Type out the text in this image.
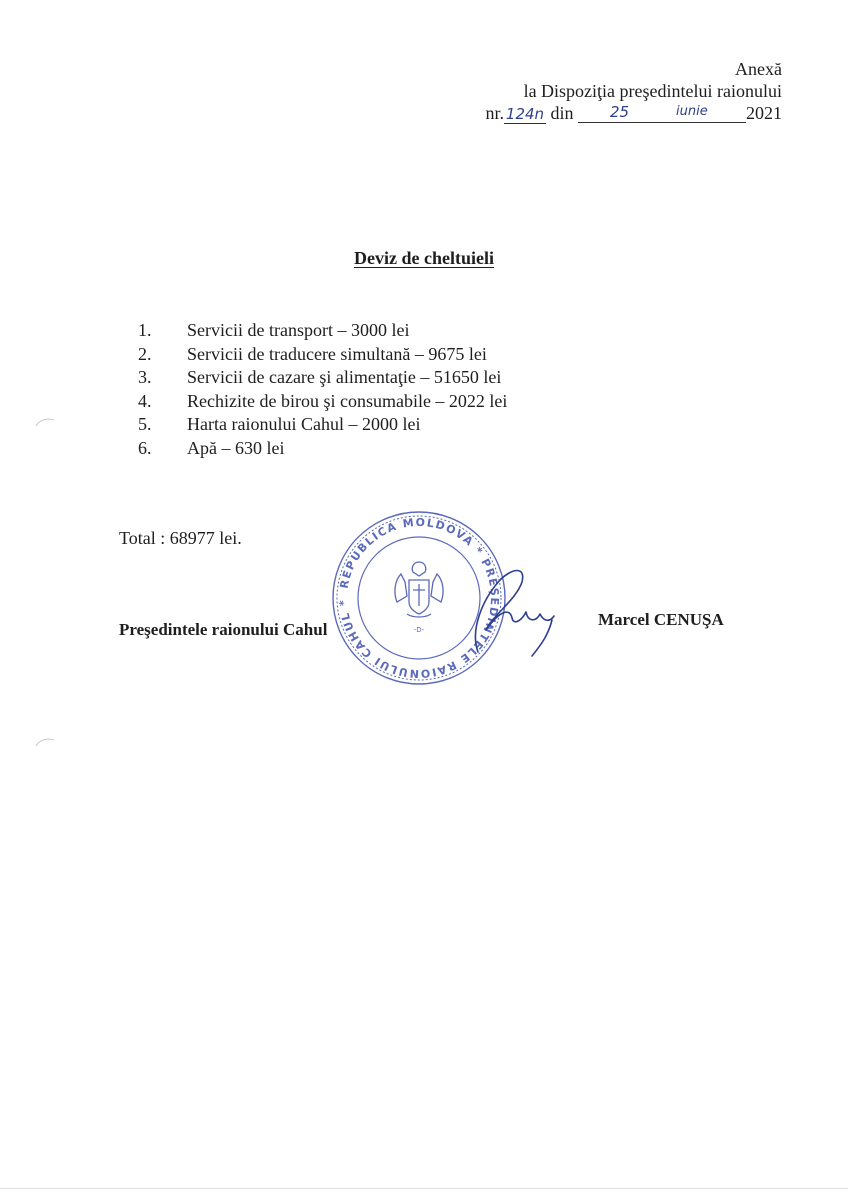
Anexă
la Dispoziţia preşedintelui raionului
nr. 124n din 25	iunie 2021
Deviz de cheltuieli
1.	Servicii de transport – 3000 lei
2.	Servicii de traducere simultană – 9675 lei
3.	Servicii de cazare şi alimentaţie – 51650 lei
4.	Rechizite de birou şi consumabile – 2022 lei
5.	Harta raionului Cahul – 2000 lei
6.	Apă – 630 lei
Total : 68977 lei.
REPUBLICA MOLDOVA * PREŞEDINTELE RAIONULUI CAHUL *
-D-
Preşedintele raionului Cahul
Marcel CENUŞA
